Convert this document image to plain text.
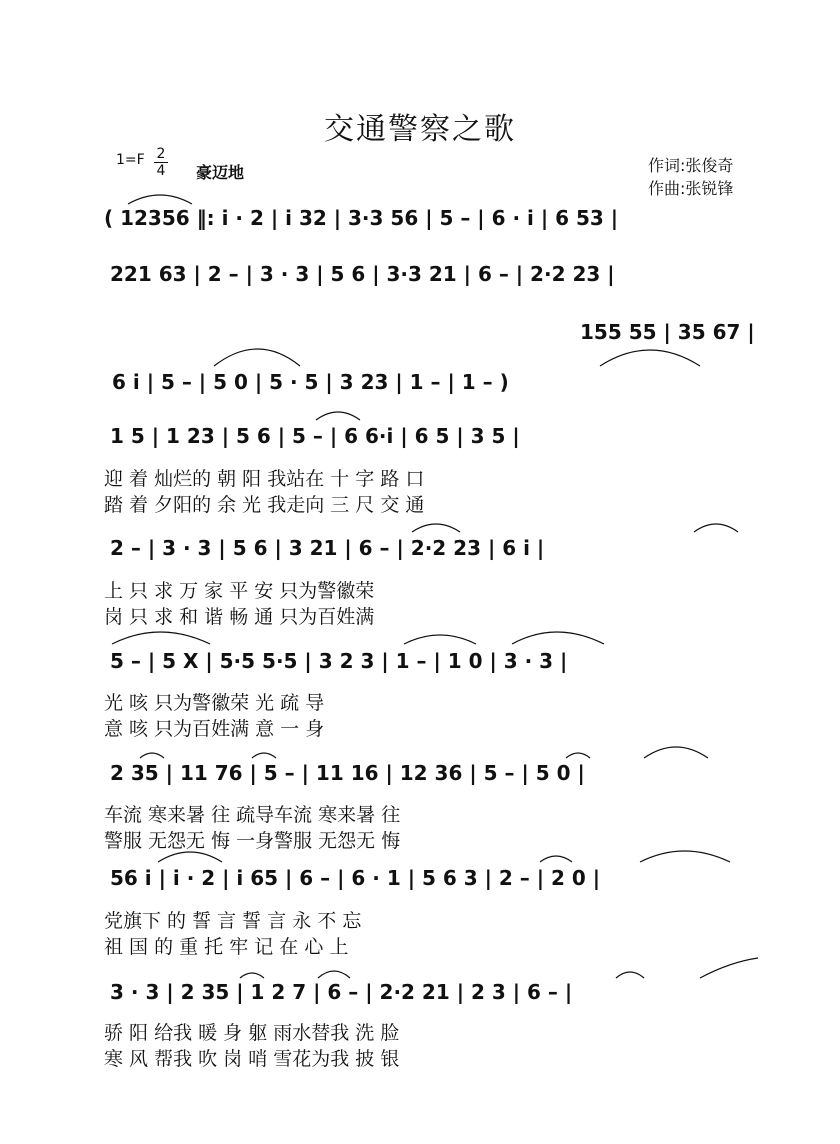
交通警察之歌
1=F 2
4 豪迈地	作词:张俊奇
作曲:张锐锋
( 12356 ‖: i · 2 | i 32 | 3·3 56 | 5 – | 6 · i | 6 53 |
221 63 | 2 – | 3 · 3 | 5 6 | 3·3 21 | 6 – | 2·2 23 |
155 55 | 35 67 |
6 i | 5 – | 5 0 | 5 · 5 | 3 23 | 1 – | 1 – )
1 5 | 1 23 | 5 6 | 5 – | 6 6·i | 6 5 | 3 5 |
迎 着 灿烂的 朝 阳 我站在 十 字 路 口
踏 着 夕阳的 余 光 我走向 三 尺 交 通
2 – | 3 · 3 | 5 6 | 3 21 | 6 – | 2·2 23 | 6 i |
上 只 求 万 家 平 安 只为警徽荣
岗 只 求 和 谐 畅 通 只为百姓满
5 – | 5 X | 5·5 5·5 | 3 2 3 | 1 – | 1 0 | 3 · 3 |
光 咳 只为警徽荣 光 疏 导
意 咳 只为百姓满 意 一 身
2 35 | 11 76 | 5 – | 11 16 | 12 36 | 5 – | 5 0 |
车流 寒来暑 往 疏导车流 寒来暑 往
警服 无怨无 悔 一身警服 无怨无 悔
56 i | i · 2 | i 65 | 6 – | 6 · 1 | 5 6 3 | 2 – | 2 0 |
党旗下 的 誓 言 誓 言 永 不 忘
祖 国 的 重 托 牢 记 在 心 上
3 · 3 | 2 35 | 1 2 7 | 6 – | 2·2 21 | 2 3 | 6 – |
骄 阳 给我 暖 身 躯 雨水替我 洗 脸
寒 风 帮我 吹 岗 哨 雪花为我 披 银
